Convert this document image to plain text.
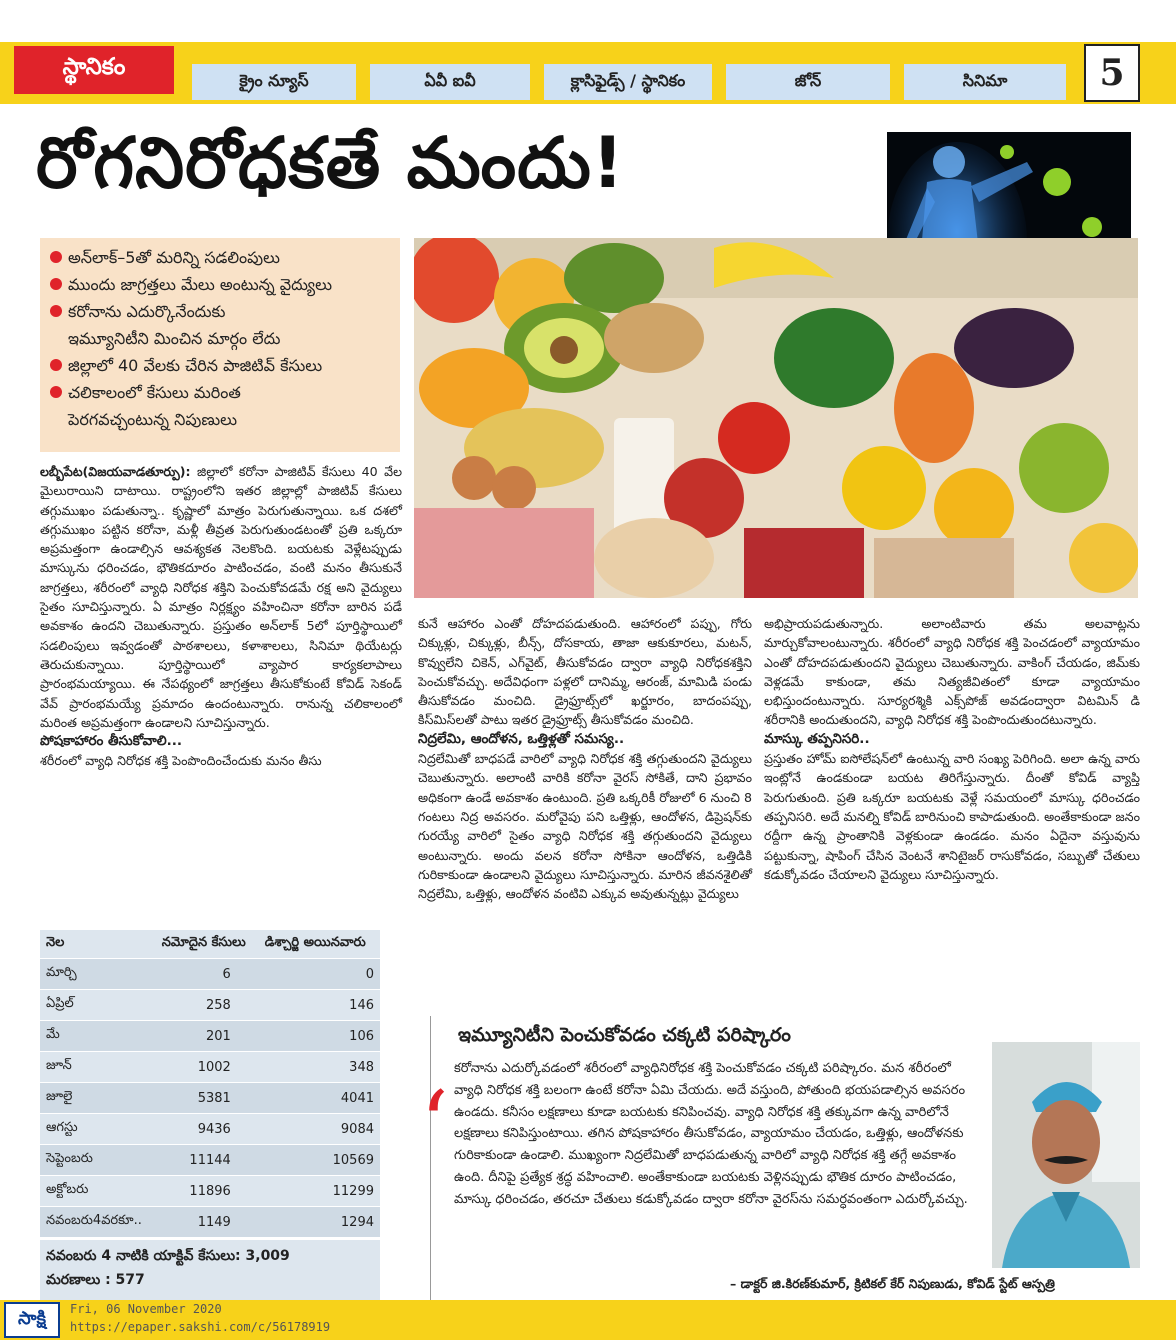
స్థానికం	క్రైం న్యూస్	ఏవీ ఐవీ	క్లాసిఫైడ్స్ / స్థానికం	జోన్	సినిమా	5
రోగనిరోధకతే మందు!
అన్‌లాక్‌–5తో మరిన్ని సడలింపులు
ముందు జాగ్రత్తలు మేలు అంటున్న వైద్యులు
కరోనాను ఎదుర్కొనేందుకు
ఇమ్యూనిటీని మించిన మార్గం లేదు
జిల్లాలో 40 వేలకు చేరిన పాజిటివ్‌ కేసులు
చలికాలంలో కేసులు మరింత
పెరగవచ్చంటున్న నిపుణులు

లబ్బీపేట(విజయవాడతూర్పు): జిల్లాలో కరోనా పాజిటివ్‌ కేసులు 40 వేల మైలురాయిని దాటాయి. రాష్ట్రంలోని ఇతర జిల్లాల్లో పాజిటివ్‌ కేసులు తగ్గుముఖం పడుతున్నా.. కృష్ణాలో మాత్రం పెరుగుతున్నాయి. ఒక దశలో తగ్గుముఖం పట్టిన కరోనా, మళ్లీ తీవ్రత పెరుగుతుండటంతో ప్రతి ఒక్కరూ అప్రమత్తంగా ఉండాల్సిన ఆవశ్యకత నెలకొంది. బయటకు వెళ్లేటప్పుడు మాస్కును ధరించడం, భౌతికదూరం పాటించడం, వంటి మనం తీసుకునే జాగ్రత్తలు, శరీరంలో వ్యాధి నిరోధక శక్తిని పెంచుకోవడమే రక్ష అని వైద్యులు సైతం సూచిస్తున్నారు. ఏ మాత్రం నిర్లక్ష్యం వహించినా కరోనా బారిన పడే అవకాశం ఉందని చెబుతున్నారు. ప్రస్తుతం అన్‌లాక్‌ 5లో పూర్తిస్థాయిలో సడలింపులు ఇవ్వడంతో పాఠశాలలు, కళాశాలలు, సినిమా థియేటర్లు తెరుచుకున్నాయి. పూర్తిస్థాయిలో వ్యాపార కార్యకలాపాలు ప్రారంభమయ్యాయి. ఈ నేపథ్యంలో జాగ్రత్తలు తీసుకోకుంటే కోవిడ్‌ సెకండ్‌ వేవ్‌ ప్రారంభమయ్యే ప్రమాదం ఉందంటున్నారు. రానున్న చలికాలంలో మరింత అప్రమత్తంగా ఉండాలని సూచిస్తున్నారు.

పోషకాహారం తీసుకోవాలి...

శరీరంలో వ్యాధి నిరోధక శక్తి పెంపొందించేందుకు మనం తీసు

కునే ఆహారం ఎంతో దోహదపడుతుంది. ఆహారంలో పప్పు, గోరు చిక్కుళ్లు, చిక్కుళ్లు, బీన్స్‌, దోసకాయ, తాజా ఆకుకూరలు, మటన్‌, కొవ్వులేని చికెన్‌, ఎగ్‌వైట్‌, తీసుకోవడం ద్వారా వ్యాధి నిరోధకశక్తిని పెంచుకోవచ్చు. అదేవిధంగా పళ్లలో దానిమ్మ, ఆరంజ్‌, మామిడి పండు తీసుకోవడం మంచిది. డ్రైఫ్రూట్స్‌లో ఖర్జూరం, బాదంపప్పు, కిస్‌మిస్‌లతో పాటు ఇతర డ్రైఫ్రూట్స్‌ తీసుకోవడం మంచిది.

నిద్రలేమి, ఆందోళన, ఒత్తిళ్లతో సమస్య..

నిద్రలేమితో బాధపడే వారిలో వ్యాధి నిరోధక శక్తి తగ్గుతుందని వైద్యులు చెబుతున్నారు. అలాంటి వారికి కరోనా వైరస్‌ సోకితే, దాని ప్రభావం అధికంగా ఉండే అవకాశం ఉంటుంది. ప్రతి ఒక్కరికీ రోజులో 6 నుంచి 8 గంటలు నిద్ర అవసరం. మరోవైపు పని ఒత్తిళ్లు, ఆందోళన, డిప్రెషన్‌కు గురయ్యే వారిలో సైతం వ్యాధి నిరోధక శక్తి తగ్గుతుందని వైద్యులు అంటున్నారు. అందు వలన కరోనా సోకినా ఆందోళన, ఒత్తిడికి గురికాకుండా ఉండాలని వైద్యులు సూచిస్తున్నారు. మారిన జీవనశైలితో నిద్రలేమి, ఒత్తిళ్లు, ఆందోళన వంటివి ఎక్కువ అవుతున్నట్లు వైద్యులు

అభిప్రాయపడుతున్నారు. అలాంటివారు తమ అలవాట్లను మార్చుకోవాలంటున్నారు. శరీరంలో వ్యాధి నిరోధక శక్తి పెంచడంలో వ్యాయామం ఎంతో దోహదపడుతుందని వైద్యులు చెబుతున్నారు. వాకింగ్‌ చేయడం, జిమ్‌కు వెళ్లడమే కాకుండా, తమ నిత్యజీవితంలో కూడా వ్యాయామం లభిస్తుందంటున్నారు. సూర్యరశ్మికి ఎక్స్‌పోజ్‌ అవడంద్వారా విటమిన్‌ డి శరీరానికి అందుతుందని, వ్యాధి నిరోధక శక్తి పెంపొందుతుందటున్నారు.

మాస్కు తప్పనిసరి..

ప్రస్తుతం హోమ్‌ ఐసోలేషన్‌లో ఉంటున్న వారి సంఖ్య పెరిగింది. అలా ఉన్న వారు ఇంట్లోనే ఉండకుండా బయట తిరిగేస్తున్నారు. దీంతో కోవిడ్‌ వ్యాప్తి పెరుగుతుంది. ప్రతి ఒక్కరూ బయటకు వెళ్లే సమయంలో మాస్కు ధరించడం తప్పనిసరి. అదే మనల్ని కోవిడ్‌ బారినుంచి కాపాడుతుంది. అంతేకాకుండా జనం రద్దీగా ఉన్న ప్రాంతానికి వెళ్లకుండా ఉండడం. మనం ఏదైనా వస్తువును పట్టుకున్నా, షాపింగ్‌ చేసిన వెంటనే శానిటైజర్‌ రాసుకోవడం, సబ్బుతో చేతులు కడుక్కోవడం చేయాలని వైద్యులు సూచిస్తున్నారు.

నెల	నమోదైన కేసులు	డిశ్చార్జి అయినవారు
మార్చి	6	0
ఏప్రిల్‌	258	146
మే	201	106
జూన్‌	1002	348
జూలై	5381	4041
ఆగస్టు	9436	9084
సెప్టెంబరు	11144	10569
అక్టోబరు	11896	11299
నవంబరు4వరకూ..	1149	1294
నవంబరు 4 నాటికి యాక్టివ్‌ కేసులు: 3,009
మరణాలు : 577
ఇమ్యూనిటీని పెంచుకోవడం చక్కటి పరిష్కారం
‘
కరోనాను ఎదుర్కోవడంలో శరీరంలో వ్యాధినిరోధక శక్తి పెంచుకోవడం చక్కటి పరిష్కారం. మన శరీరంలో వ్యాధి నిరోధక శక్తి బలంగా ఉంటే కరోనా ఏమి చేయదు. అదే వస్తుంది, పోతుంది భయపడాల్సిన అవసరం ఉండదు. కనీసం లక్షణాలు కూడా బయటకు కనిపించవు. వ్యాధి నిరోధక శక్తి తక్కువగా ఉన్న వారిలోనే లక్షణాలు కనిపిస్తుంటాయి. తగిన పోషకాహారం తీసుకోవడం, వ్యాయామం చేయడం, ఒత్తిళ్లు, ఆందోళనకు గురికాకుండా ఉండాలి. ముఖ్యంగా నిద్రలేమితో బాధపడుతున్న వారిలో వ్యాధి నిరోధక శక్తి తగ్గే అవకాశం ఉంది. దీనిపై ప్రత్యేక శ్రద్ధ వహించాలి. అంతేకాకుండా బయటకు వెళ్లినప్పుడు భౌతిక దూరం పాటించడం, మాస్కు ధరించడం, తరచూ చేతులు కడుక్కోవడం ద్వారా కరోనా వైరస్‌ను సమర్ధవంతంగా ఎదుర్కోవచ్చు.
– డాక్టర్‌ జి.కిరణ్‌కుమార్‌, క్రిటికల్‌ కేర్‌ నిపుణుడు, కోవిడ్‌ స్టేట్‌ ఆస్పత్రి
సాక్షి	Fri, 06 November 2020
https://epaper.sakshi.com/c/56178919
